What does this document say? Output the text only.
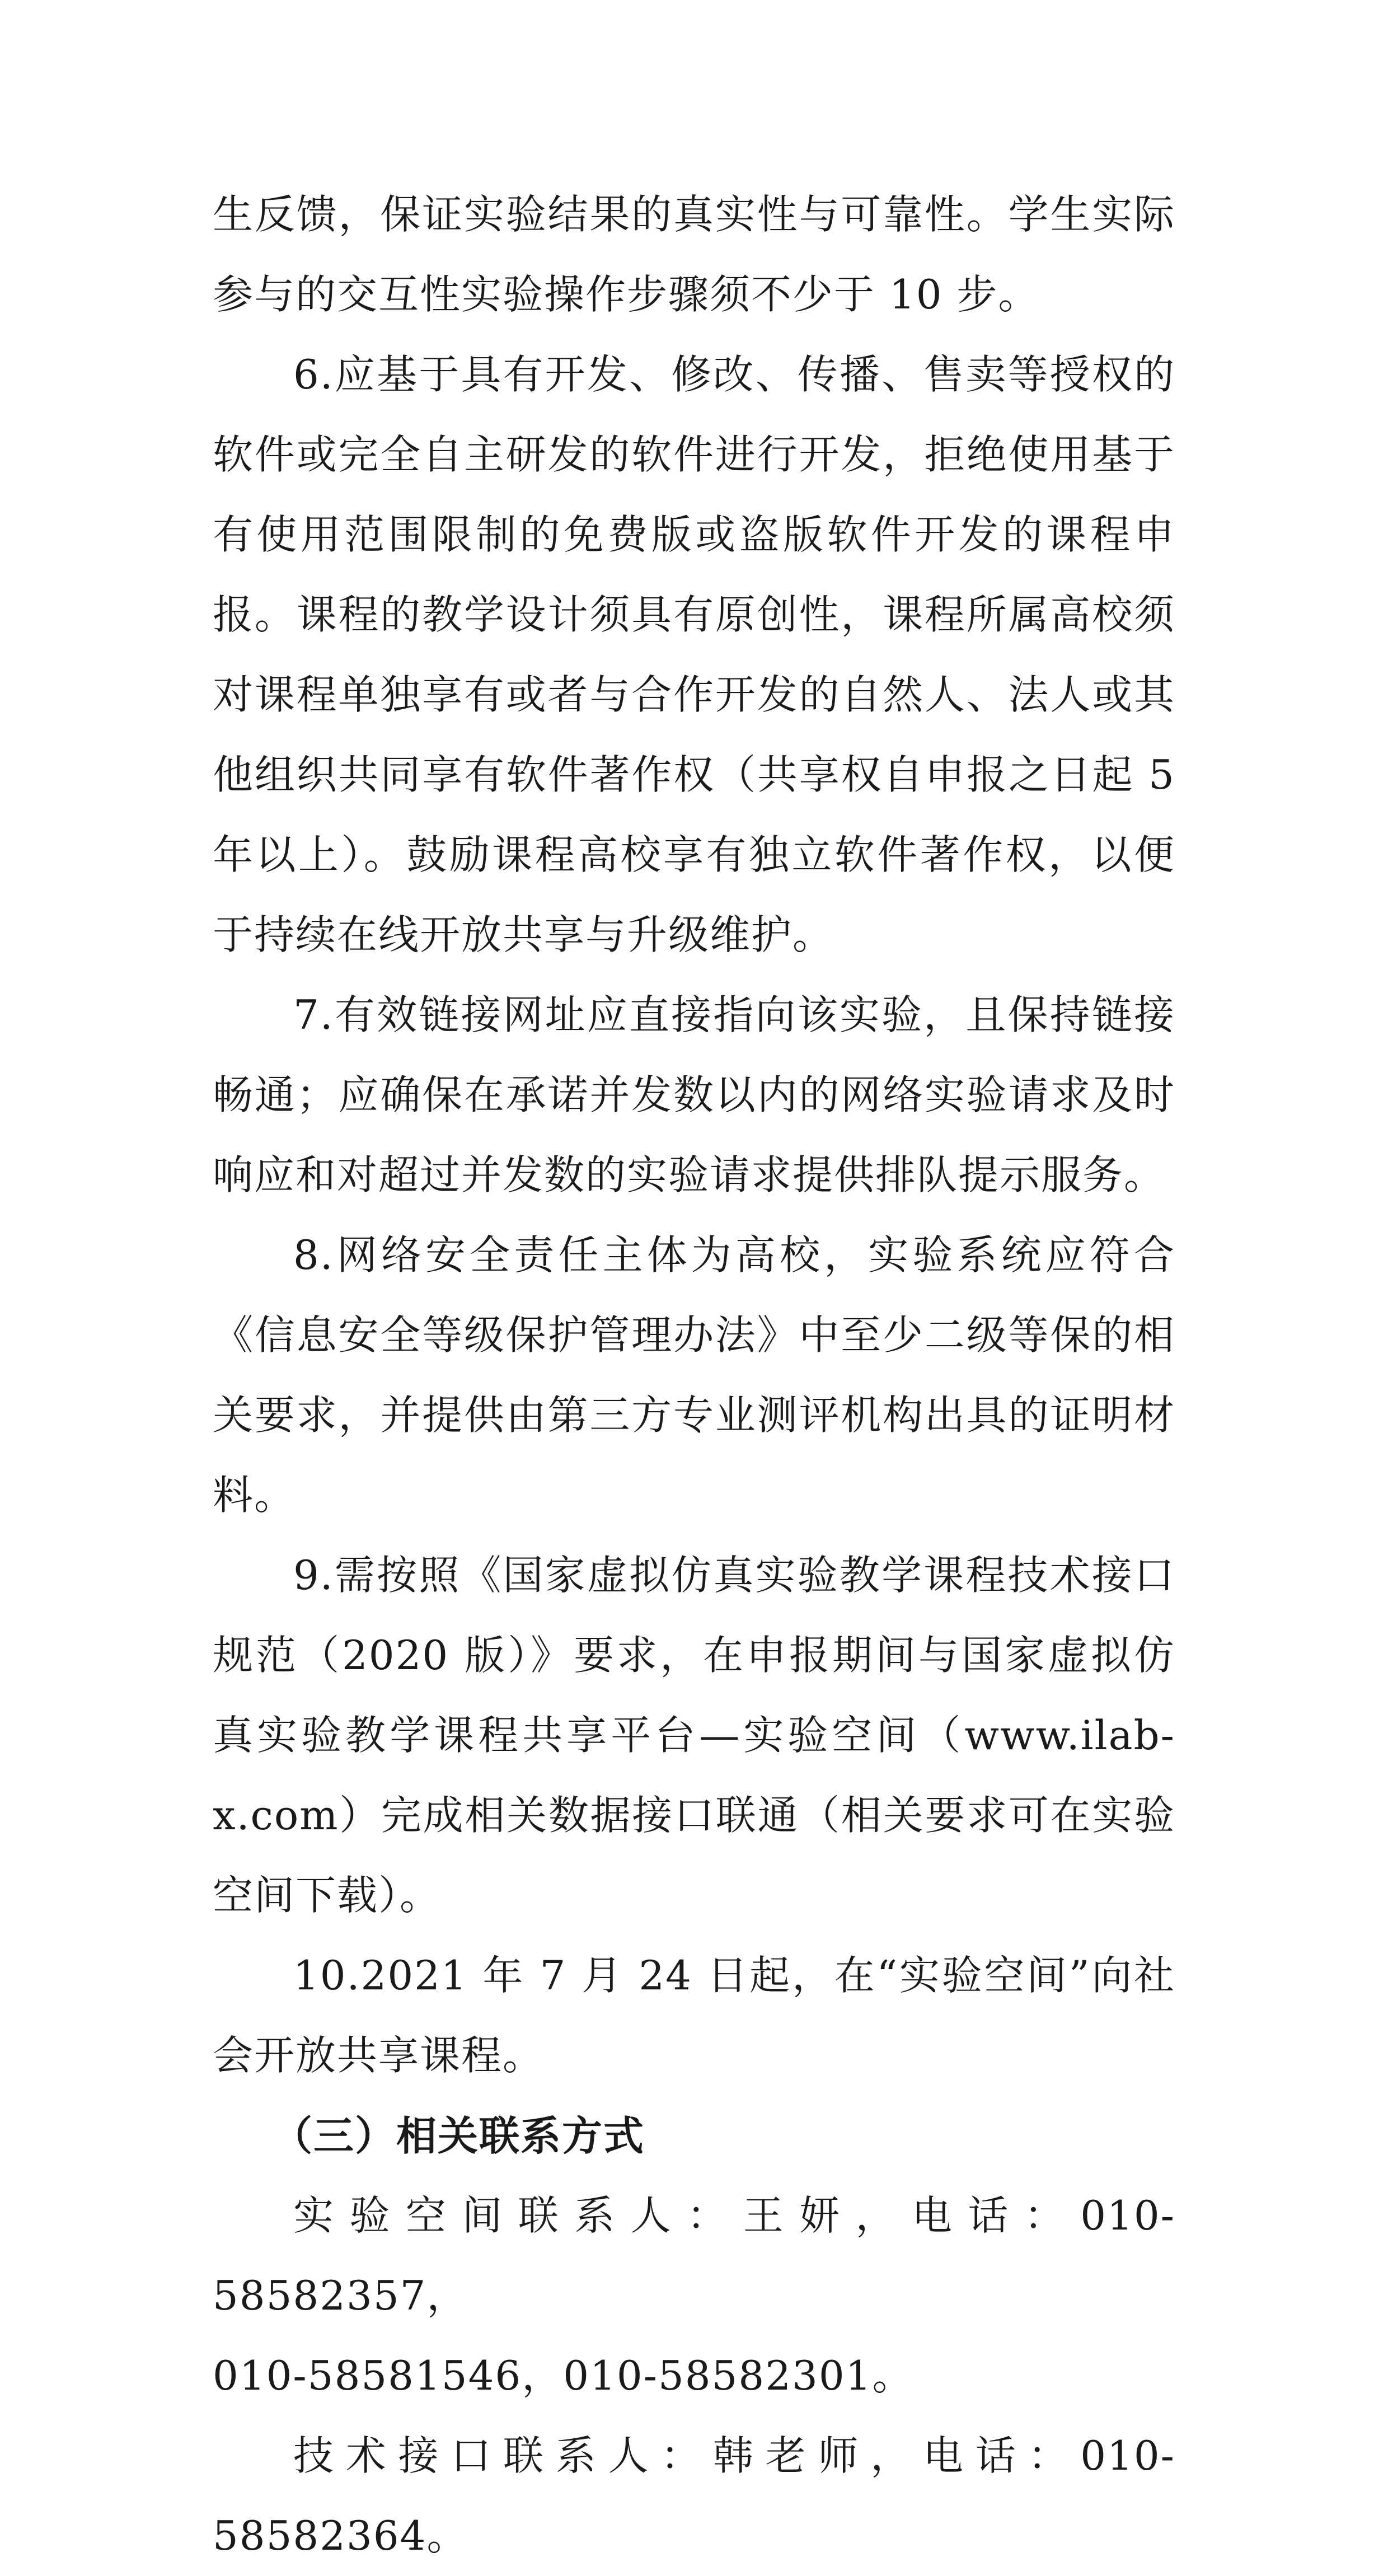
生反馈，保证实验结果的真实性与可靠性。学生实际参与的交互性实验操作步骤须不少于 10 步。

6.应基于具有开发、修改、传播、售卖等授权的软件或完全自主研发的软件进行开发，拒绝使用基于有使用范围限制的免费版或盗版软件开发的课程申报。课程的教学设计须具有原创性，课程所属高校须对课程单独享有或者与合作开发的自然人、法人或其他组织共同享有软件著作权（共享权自申报之日起 5 年以上）。鼓励课程高校享有独立软件著作权，以便于持续在线开放共享与升级维护。

7.有效链接网址应直接指向该实验，且保持链接畅通；应确保在承诺并发数以内的网络实验请求及时响应和对超过并发数的实验请求提供排队提示服务。

8.网络安全责任主体为高校，实验系统应符合《信息安全等级保护管理办法》中至少二级等保的相关要求，并提供由第三方专业测评机构出具的证明材料。

9.需按照《国家虚拟仿真实验教学课程技术接口规范（2020 版）》要求，在申报期间与国家虚拟仿真实验教学课程共享平台—实验空间（www.ilab-x.com）完成相关数据接口联通（相关要求可在实验空间下载）。

10.2021 年 7 月 24 日起，在“实验空间”向社会开放共享课程。

（三）相关联系方式

实验空间联系人：王妍，电话：010-58582357，

010-58581546，010-58582301。

技术接口联系人：韩老师，电话：010-58582364。
